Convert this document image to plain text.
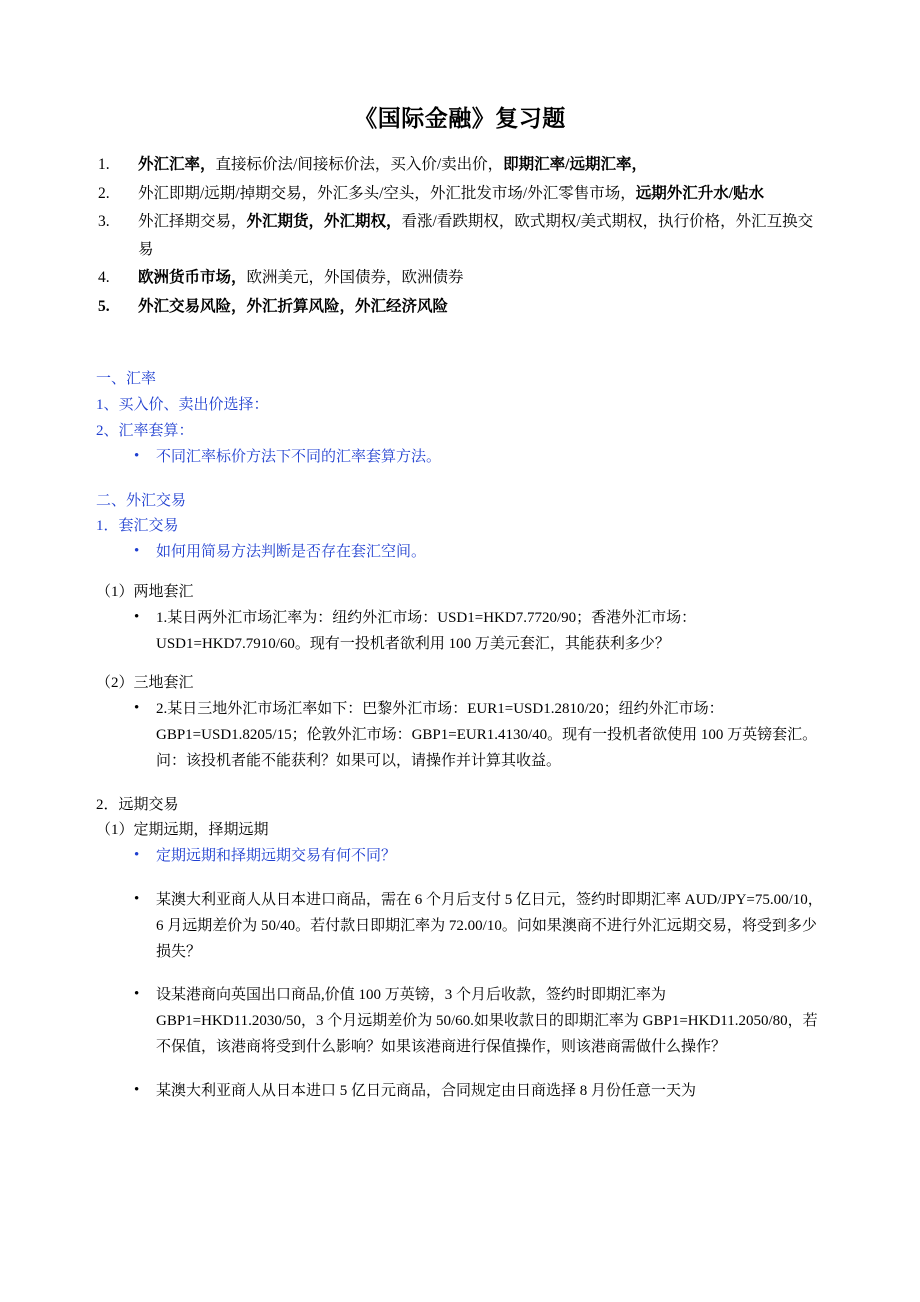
《国际金融》复习题
1.	外汇汇率，直接标价法/间接标价法，买入价/卖出价，即期汇率/远期汇率，
2.	外汇即期/远期/掉期交易，外汇多头/空头，外汇批发市场/外汇零售市场，远期外汇升水/贴水
3.	外汇择期交易，外汇期货，外汇期权，看涨/看跌期权，欧式期权/美式期权，执行价格，外汇互换交易
4.	欧洲货币市场，欧洲美元，外国债券，欧洲债券
5.	外汇交易风险，外汇折算风险，外汇经济风险
一、汇率
1、买入价、卖出价选择：
2、汇率套算：
• 不同汇率标价方法下不同的汇率套算方法。
二、外汇交易
1．套汇交易
• 如何用简易方法判断是否存在套汇空间。
（1）两地套汇
• 1.某日两外汇市场汇率为：纽约外汇市场：USD1=HKD7.7720/90；香港外汇市场：USD1=HKD7.7910/60。现有一投机者欲利用 100 万美元套汇，其能获利多少？
（2）三地套汇
• 2.某日三地外汇市场汇率如下：巴黎外汇市场：EUR1=USD1.2810/20；纽约外汇市场：GBP1=USD1.8205/15；伦敦外汇市场：GBP1=EUR1.4130/40。现有一投机者欲使用 100 万英镑套汇。问：该投机者能不能获利？如果可以，请操作并计算其收益。
2．远期交易
（1）定期远期，择期远期
• 定期远期和择期远期交易有何不同？
• 某澳大利亚商人从日本进口商品，需在 6 个月后支付 5 亿日元，签约时即期汇率 AUD/JPY=75.00/10，6 月远期差价为 50/40。若付款日即期汇率为 72.00/10。问如果澳商不进行外汇远期交易，将受到多少损失？
• 设某港商向英国出口商品,价值 100 万英镑，3 个月后收款，签约时即期汇率为 GBP1=HKD11.2030/50，3 个月远期差价为 50/60.如果收款日的即期汇率为 GBP1=HKD11.2050/80，若不保值，该港商将受到什么影响？如果该港商进行保值操作，则该港商需做什么操作？
• 某澳大利亚商人从日本进口 5 亿日元商品，合同规定由日商选择 8 月份任意一天为
